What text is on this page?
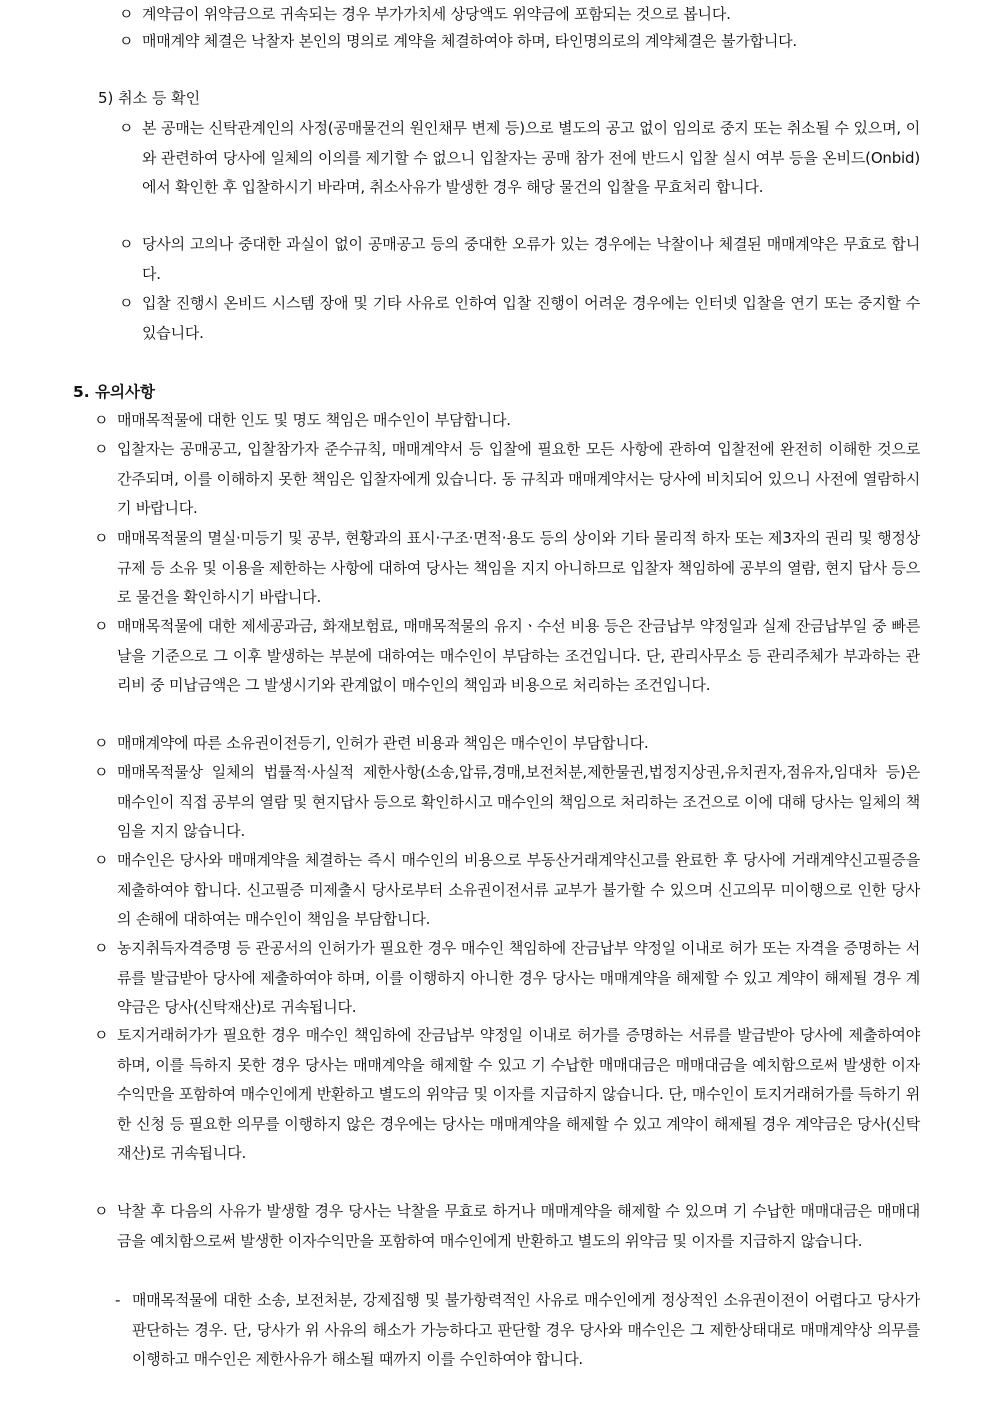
ㅇ 계약금이 위약금으로 귀속되는 경우 부가가치세 상당액도 위약금에 포함되는 것으로 봅니다.
ㅇ 매매계약 체결은 낙찰자 본인의 명의로 계약을 체결하여야 하며, 타인명의로의 계약체결은 불가합니다.
5) 취소 등 확인
ㅇ 본 공매는 신탁관계인의 사정(공매물건의 원인채무 변제 등)으로 별도의 공고 없이 임의로 중지 또는 취소될 수 있으며, 이와 관련하여 당사에 일체의 이의를 제기할 수 없으니 입찰자는 공매 참가 전에 반드시 입찰 실시 여부 등을 온비드(Onbid)에서 확인한 후 입찰하시기 바라며, 취소사유가 발생한 경우 해당 물건의 입찰을 무효처리 합니다.
ㅇ 당사의 고의나 중대한 과실이 없이 공매공고 등의 중대한 오류가 있는 경우에는 낙찰이나 체결된 매매계약은 무효로 합니다.
ㅇ 입찰 진행시 온비드 시스템 장애 및 기타 사유로 인하여 입찰 진행이 어려운 경우에는 인터넷 입찰을 연기 또는 중지할 수 있습니다.
5. 유의사항
ㅇ 매매목적물에 대한 인도 및 명도 책임은 매수인이 부담합니다.
ㅇ 입찰자는 공매공고, 입찰참가자 준수규칙, 매매계약서 등 입찰에 필요한 모든 사항에 관하여 입찰전에 완전히 이해한 것으로 간주되며, 이를 이해하지 못한 책임은 입찰자에게 있습니다. 동 규칙과 매매계약서는 당사에 비치되어 있으니 사전에 열람하시기 바랍니다.
ㅇ 매매목적물의 멸실·미등기 및 공부, 현황과의 표시·구조·면적·용도 등의 상이와 기타 물리적 하자 또는 제3자의 권리 및 행정상 규제 등 소유 및 이용을 제한하는 사항에 대하여 당사는 책임을 지지 아니하므로 입찰자 책임하에 공부의 열람, 현지 답사 등으로 물건을 확인하시기 바랍니다.
ㅇ 매매목적물에 대한 제세공과금, 화재보험료, 매매목적물의 유지ㆍ수선 비용 등은 잔금납부 약정일과 실제 잔금납부일 중 빠른 날을 기준으로 그 이후 발생하는 부분에 대하여는 매수인이 부담하는 조건입니다. 단, 관리사무소 등 관리주체가 부과하는 관리비 중 미납금액은 그 발생시기와 관계없이 매수인의 책임과 비용으로 처리하는 조건입니다.
ㅇ 매매계약에 따른 소유권이전등기, 인허가 관련 비용과 책임은 매수인이 부담합니다.
ㅇ 매매목적물상 일체의 법률적·사실적 제한사항(소송,압류,경매,보전처분,제한물권,법정지상권,유치권자,점유자,임대차 등)은 매수인이 직접 공부의 열람 및 현지답사 등으로 확인하시고 매수인의 책임으로 처리하는 조건으로 이에 대해 당사는 일체의 책임을 지지 않습니다.
ㅇ 매수인은 당사와 매매계약을 체결하는 즉시 매수인의 비용으로 부동산거래계약신고를 완료한 후 당사에 거래계약신고필증을 제출하여야 합니다. 신고필증 미제출시 당사로부터 소유권이전서류 교부가 불가할 수 있으며 신고의무 미이행으로 인한 당사의 손해에 대하여는 매수인이 책임을 부담합니다.
ㅇ 농지취득자격증명 등 관공서의 인허가가 필요한 경우 매수인 책임하에 잔금납부 약정일 이내로 허가 또는 자격을 증명하는 서류를 발급받아 당사에 제출하여야 하며, 이를 이행하지 아니한 경우 당사는 매매계약을 해제할 수 있고 계약이 해제될 경우 계약금은 당사(신탁재산)로 귀속됩니다.
ㅇ 토지거래허가가 필요한 경우 매수인 책임하에 잔금납부 약정일 이내로 허가를 증명하는 서류를 발급받아 당사에 제출하여야 하며, 이를 득하지 못한 경우 당사는 매매계약을 해제할 수 있고 기 수납한 매매대금은 매매대금을 예치함으로써 발생한 이자수익만을 포함하여 매수인에게 반환하고 별도의 위약금 및 이자를 지급하지 않습니다. 단, 매수인이 토지거래허가를 득하기 위한 신청 등 필요한 의무를 이행하지 않은 경우에는 당사는 매매계약을 해제할 수 있고 계약이 해제될 경우 계약금은 당사(신탁재산)로 귀속됩니다.
ㅇ 낙찰 후 다음의 사유가 발생할 경우 당사는 낙찰을 무효로 하거나 매매계약을 해제할 수 있으며 기 수납한 매매대금은 매매대금을 예치함으로써 발생한 이자수익만을 포함하여 매수인에게 반환하고 별도의 위약금 및 이자를 지급하지 않습니다.
- 매매목적물에 대한 소송, 보전처분, 강제집행 및 불가항력적인 사유로 매수인에게 정상적인 소유권이전이 어렵다고 당사가 판단하는 경우. 단, 당사가 위 사유의 해소가 가능하다고 판단할 경우 당사와 매수인은 그 제한상태대로 매매계약상 의무를 이행하고 매수인은 제한사유가 해소될 때까지 이를 수인하여야 합니다.
